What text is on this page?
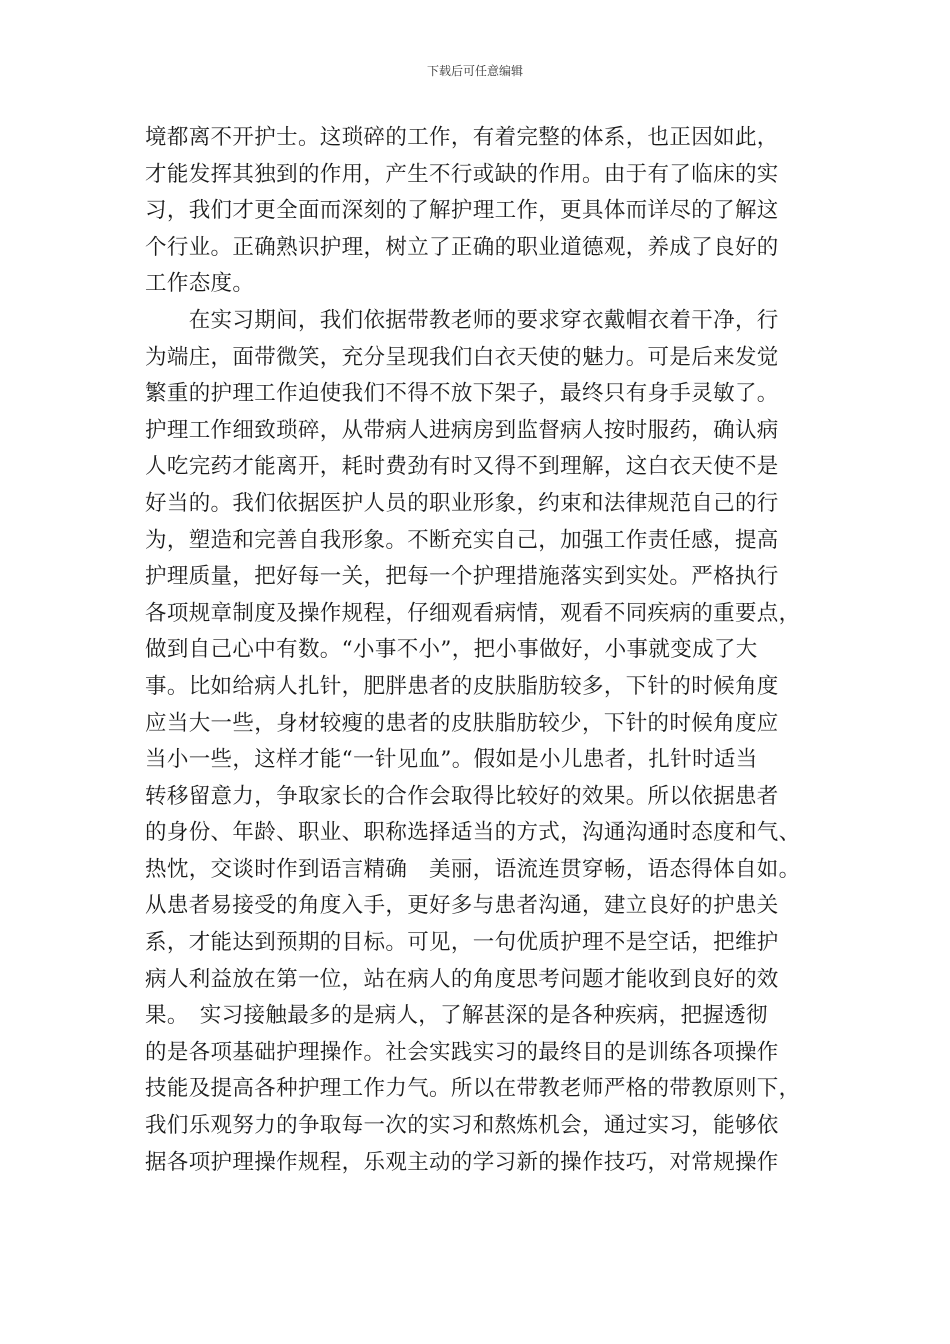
下载后可任意编辑
境都离不开护士。这琐碎的工作，有着完整的体系，也正因如此，
才能发挥其独到的作用，产生不行或缺的作用。由于有了临床的实
习，我们才更全面而深刻的了解护理工作，更具体而详尽的了解这
个行业。正确熟识护理，树立了正确的职业道德观，养成了良好的
工作态度。
　　在实习期间，我们依据带教老师的要求穿衣戴帽衣着干净，行
为端庄，面带微笑，充分呈现我们白衣天使的魅力。可是后来发觉
繁重的护理工作迫使我们不得不放下架子，最终只有身手灵敏了。
护理工作细致琐碎，从带病人进病房到监督病人按时服药，确认病
人吃完药才能离开，耗时费劲有时又得不到理解，这白衣天使不是
好当的。我们依据医护人员的职业形象，约束和法律规范自己的行
为，塑造和完善自我形象。不断充实自己，加强工作责任感，提高
护理质量，把好每一关，把每一个护理措施落实到实处。严格执行
各项规章制度及操作规程，仔细观看病情，观看不同疾病的重要点，
做到自己心中有数。“小事不小”，把小事做好，小事就变成了大
事。比如给病人扎针，肥胖患者的皮肤脂肪较多，下针的时候角度
应当大一些，身材较瘦的患者的皮肤脂肪较少，下针的时候角度应
当小一些，这样才能“一针见血”。假如是小儿患者，扎针时适当
转移留意力，争取家长的合作会取得比较好的效果。所以依据患者
的身份、年龄、职业、职称选择适当的方式，沟通沟通时态度和气、
热忱，交谈时作到语言精确　美丽，语流连贯穿畅，语态得体自如。
从患者易接受的角度入手，更好多与患者沟通，建立良好的护患关
系，才能达到预期的目标。可见，一句优质护理不是空话，把维护
病人利益放在第一位，站在病人的角度思考问题才能收到良好的效
果。　实习接触最多的是病人，了解甚深的是各种疾病，把握透彻
的是各项基础护理操作。社会实践实习的最终目的是训练各项操作
技能及提高各种护理工作力气。所以在带教老师严格的带教原则下，
我们乐观努力的争取每一次的实习和熬炼机会，通过实习，能够依
据各项护理操作规程，乐观主动的学习新的操作技巧，对常规操作
